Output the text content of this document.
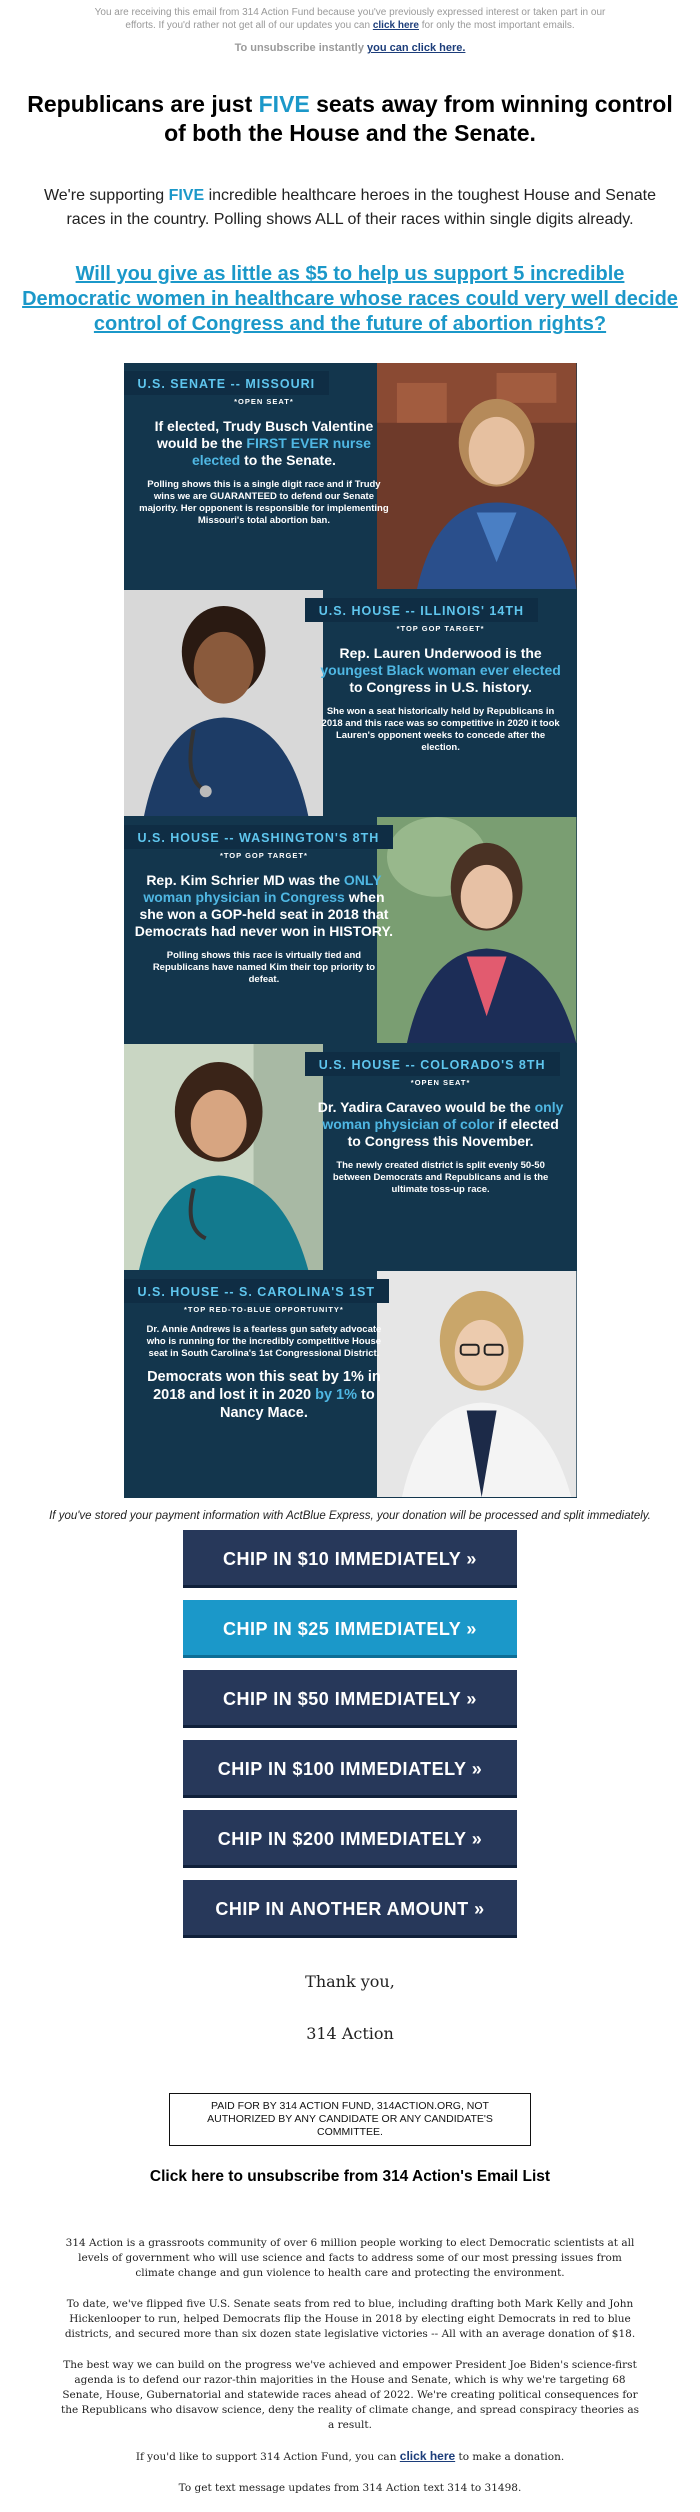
You are receiving this email from 314 Action Fund because you've previously expressed interest or taken part in our efforts. If you'd rather not get all of our updates you can click here for only the most important emails.
To unsubscribe instantly you can click here.
Republicans are just FIVE seats away from winning control of both the House and the Senate.
We're supporting FIVE incredible healthcare heroes in the toughest House and Senate races in the country. Polling shows ALL of their races within single digits already.
Will you give as little as $5 to help us support 5 incredible Democratic women in healthcare whose races could very well decide control of Congress and the future of abortion rights?
U.S. SENATE -- MISSOURI
*OPEN SEAT*
If elected, Trudy Busch Valentine would be the FIRST EVER nurse elected to the Senate.
Polling shows this is a single digit race and if Trudy wins we are GUARANTEED to defend our Senate majority. Her opponent is responsible for implementing Missouri's total abortion ban.
U.S. HOUSE -- ILLINOIS' 14TH
*TOP GOP TARGET*
Rep. Lauren Underwood is the youngest Black woman ever elected to Congress in U.S. history.
She won a seat historically held by Republicans in 2018 and this race was so competitive in 2020 it took Lauren's opponent weeks to concede after the election.
U.S. HOUSE -- WASHINGTON'S 8TH
*TOP GOP TARGET*
Rep. Kim Schrier MD was the ONLY woman physician in Congress when she won a GOP-held seat in 2018 that Democrats had never won in HISTORY.
Polling shows this race is virtually tied and Republicans have named Kim their top priority to defeat.
U.S. HOUSE -- COLORADO'S 8TH
*OPEN SEAT*
Dr. Yadira Caraveo would be the only woman physician of color if elected to Congress this November.
The newly created district is split evenly 50-50 between Democrats and Republicans and is the ultimate toss-up race.
U.S. HOUSE -- S. CAROLINA'S 1ST
*TOP RED-TO-BLUE OPPORTUNITY*
Dr. Annie Andrews is a fearless gun safety advocate who is running for the incredibly competitive House seat in South Carolina's 1st Congressional District.
Democrats won this seat by 1% in 2018 and lost it in 2020 by 1% to Nancy Mace.
If you've stored your payment information with ActBlue Express, your donation will be processed and split immediately.
CHIP IN $10 IMMEDIATELY »
CHIP IN $25 IMMEDIATELY »
CHIP IN $50 IMMEDIATELY »
CHIP IN $100 IMMEDIATELY »
CHIP IN $200 IMMEDIATELY »
CHIP IN ANOTHER AMOUNT »
Thank you,
314 Action
PAID FOR BY 314 ACTION FUND, 314ACTION.ORG, NOT AUTHORIZED BY ANY CANDIDATE OR ANY CANDIDATE'S COMMITTEE.
Click here to unsubscribe from 314 Action's Email List

314 Action is a grassroots community of over 6 million people working to elect Democratic scientists at all levels of government who will use science and facts to address some of our most pressing issues from climate change and gun violence to health care and protecting the environment.

To date, we've flipped five U.S. Senate seats from red to blue, including drafting both Mark Kelly and John Hickenlooper to run, helped Democrats flip the House in 2018 by electing eight Democrats in red to blue districts, and secured more than six dozen state legislative victories -- All with an average donation of $18.

The best way we can build on the progress we've achieved and empower President Joe Biden's science-first agenda is to defend our razor-thin majorities in the House and Senate, which is why we're targeting 68 Senate, House, Gubernatorial and statewide races ahead of 2022. We're creating political consequences for the Republicans who disavow science, deny the reality of climate change, and spread conspiracy theories as a result.

If you'd like to support 314 Action Fund, you can click here to make a donation.

To get text message updates from 314 Action text 314 to 31498.
